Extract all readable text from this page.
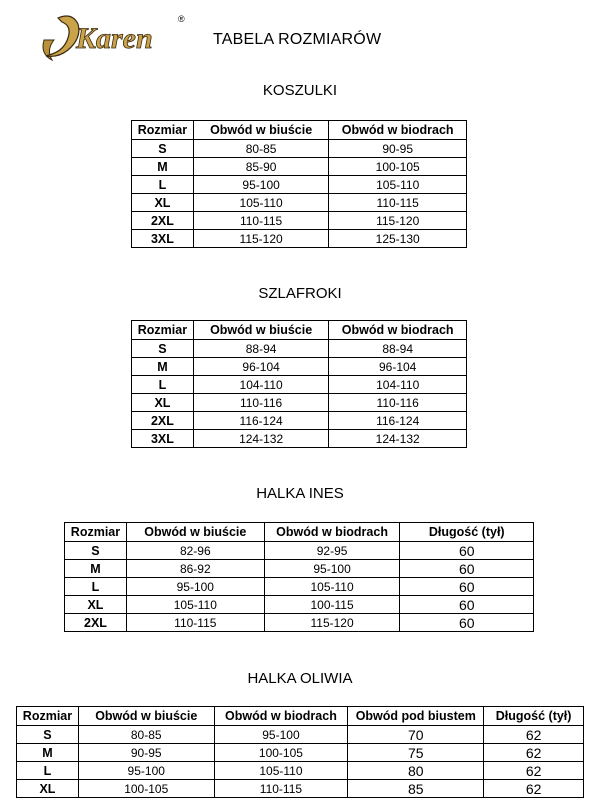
Karen
®
TABELA ROZMIARÓW
KOSZULKI
Rozmiar	Obwód w biuście	Obwód w biodrach
S	80-85	90-95
M	85-90	100-105
L	95-100	105-110
XL	105-110	110-115
2XL	110-115	115-120
3XL	115-120	125-130
SZLAFROKI
Rozmiar	Obwód w biuście	Obwód w biodrach
S	88-94	88-94
M	96-104	96-104
L	104-110	104-110
XL	110-116	110-116
2XL	116-124	116-124
3XL	124-132	124-132
HALKA INES
Rozmiar	Obwód w biuście	Obwód w biodrach	Długość (tył)
S	82-96	92-95	60
M	86-92	95-100	60
L	95-100	105-110	60
XL	105-110	100-115	60
2XL	110-115	115-120	60
HALKA OLIWIA
Rozmiar	Obwód w biuście	Obwód w biodrach	Obwód pod biustem	Długość (tył)
S	80-85	95-100	70	62
M	90-95	100-105	75	62
L	95-100	105-110	80	62
XL	100-105	110-115	85	62
